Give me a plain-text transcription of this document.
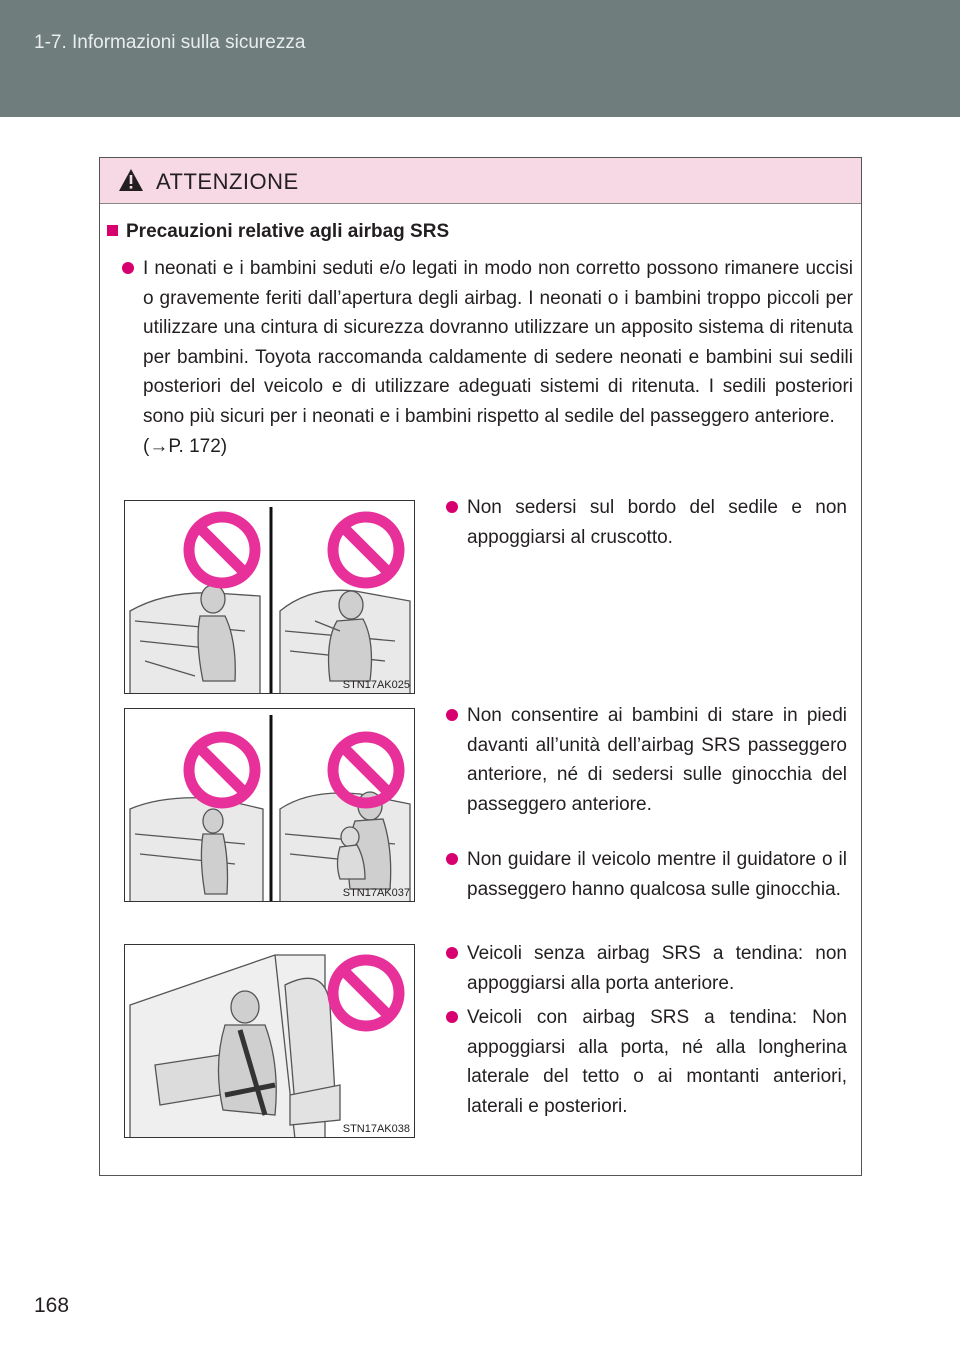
1-7. Informazioni sulla sicurezza
ATTENZIONE
Precauzioni relative agli airbag SRS
I neonati e i bambini seduti e/o legati in modo non corretto possono rimanere uccisi o gravemente feriti dall’apertura degli airbag. I neonati o i bambini troppo piccoli per utilizzare una cintura di sicurezza dovranno utilizzare un apposito sistema di ritenuta per bambini. Toyota raccomanda caldamente di sedere neonati e bambini sui sedili posteriori del veicolo e di utilizzare adeguati sistemi di ritenuta. I sedili posteriori sono più sicuri per i neonati e i bambini rispetto al sedile del passeggero anteriore.
(→P. 172)
STN17AK025
STN17AK037
STN17AK038
Non sedersi sul bordo del sedile e non appoggiarsi al cruscotto.
Non consentire ai bambini di stare in piedi davanti all’unità dell’airbag SRS passeggero anteriore, né di sedersi sulle ginocchia del passeggero anteriore.
Non guidare il veicolo mentre il guidatore o il passeggero hanno qualcosa sulle ginocchia.
Veicoli senza airbag SRS a tendina: non appoggiarsi alla porta anteriore.
Veicoli con airbag SRS a tendina: Non appoggiarsi alla porta, né alla longherina laterale del tetto o ai montanti anteriori, laterali e posteriori.
168
